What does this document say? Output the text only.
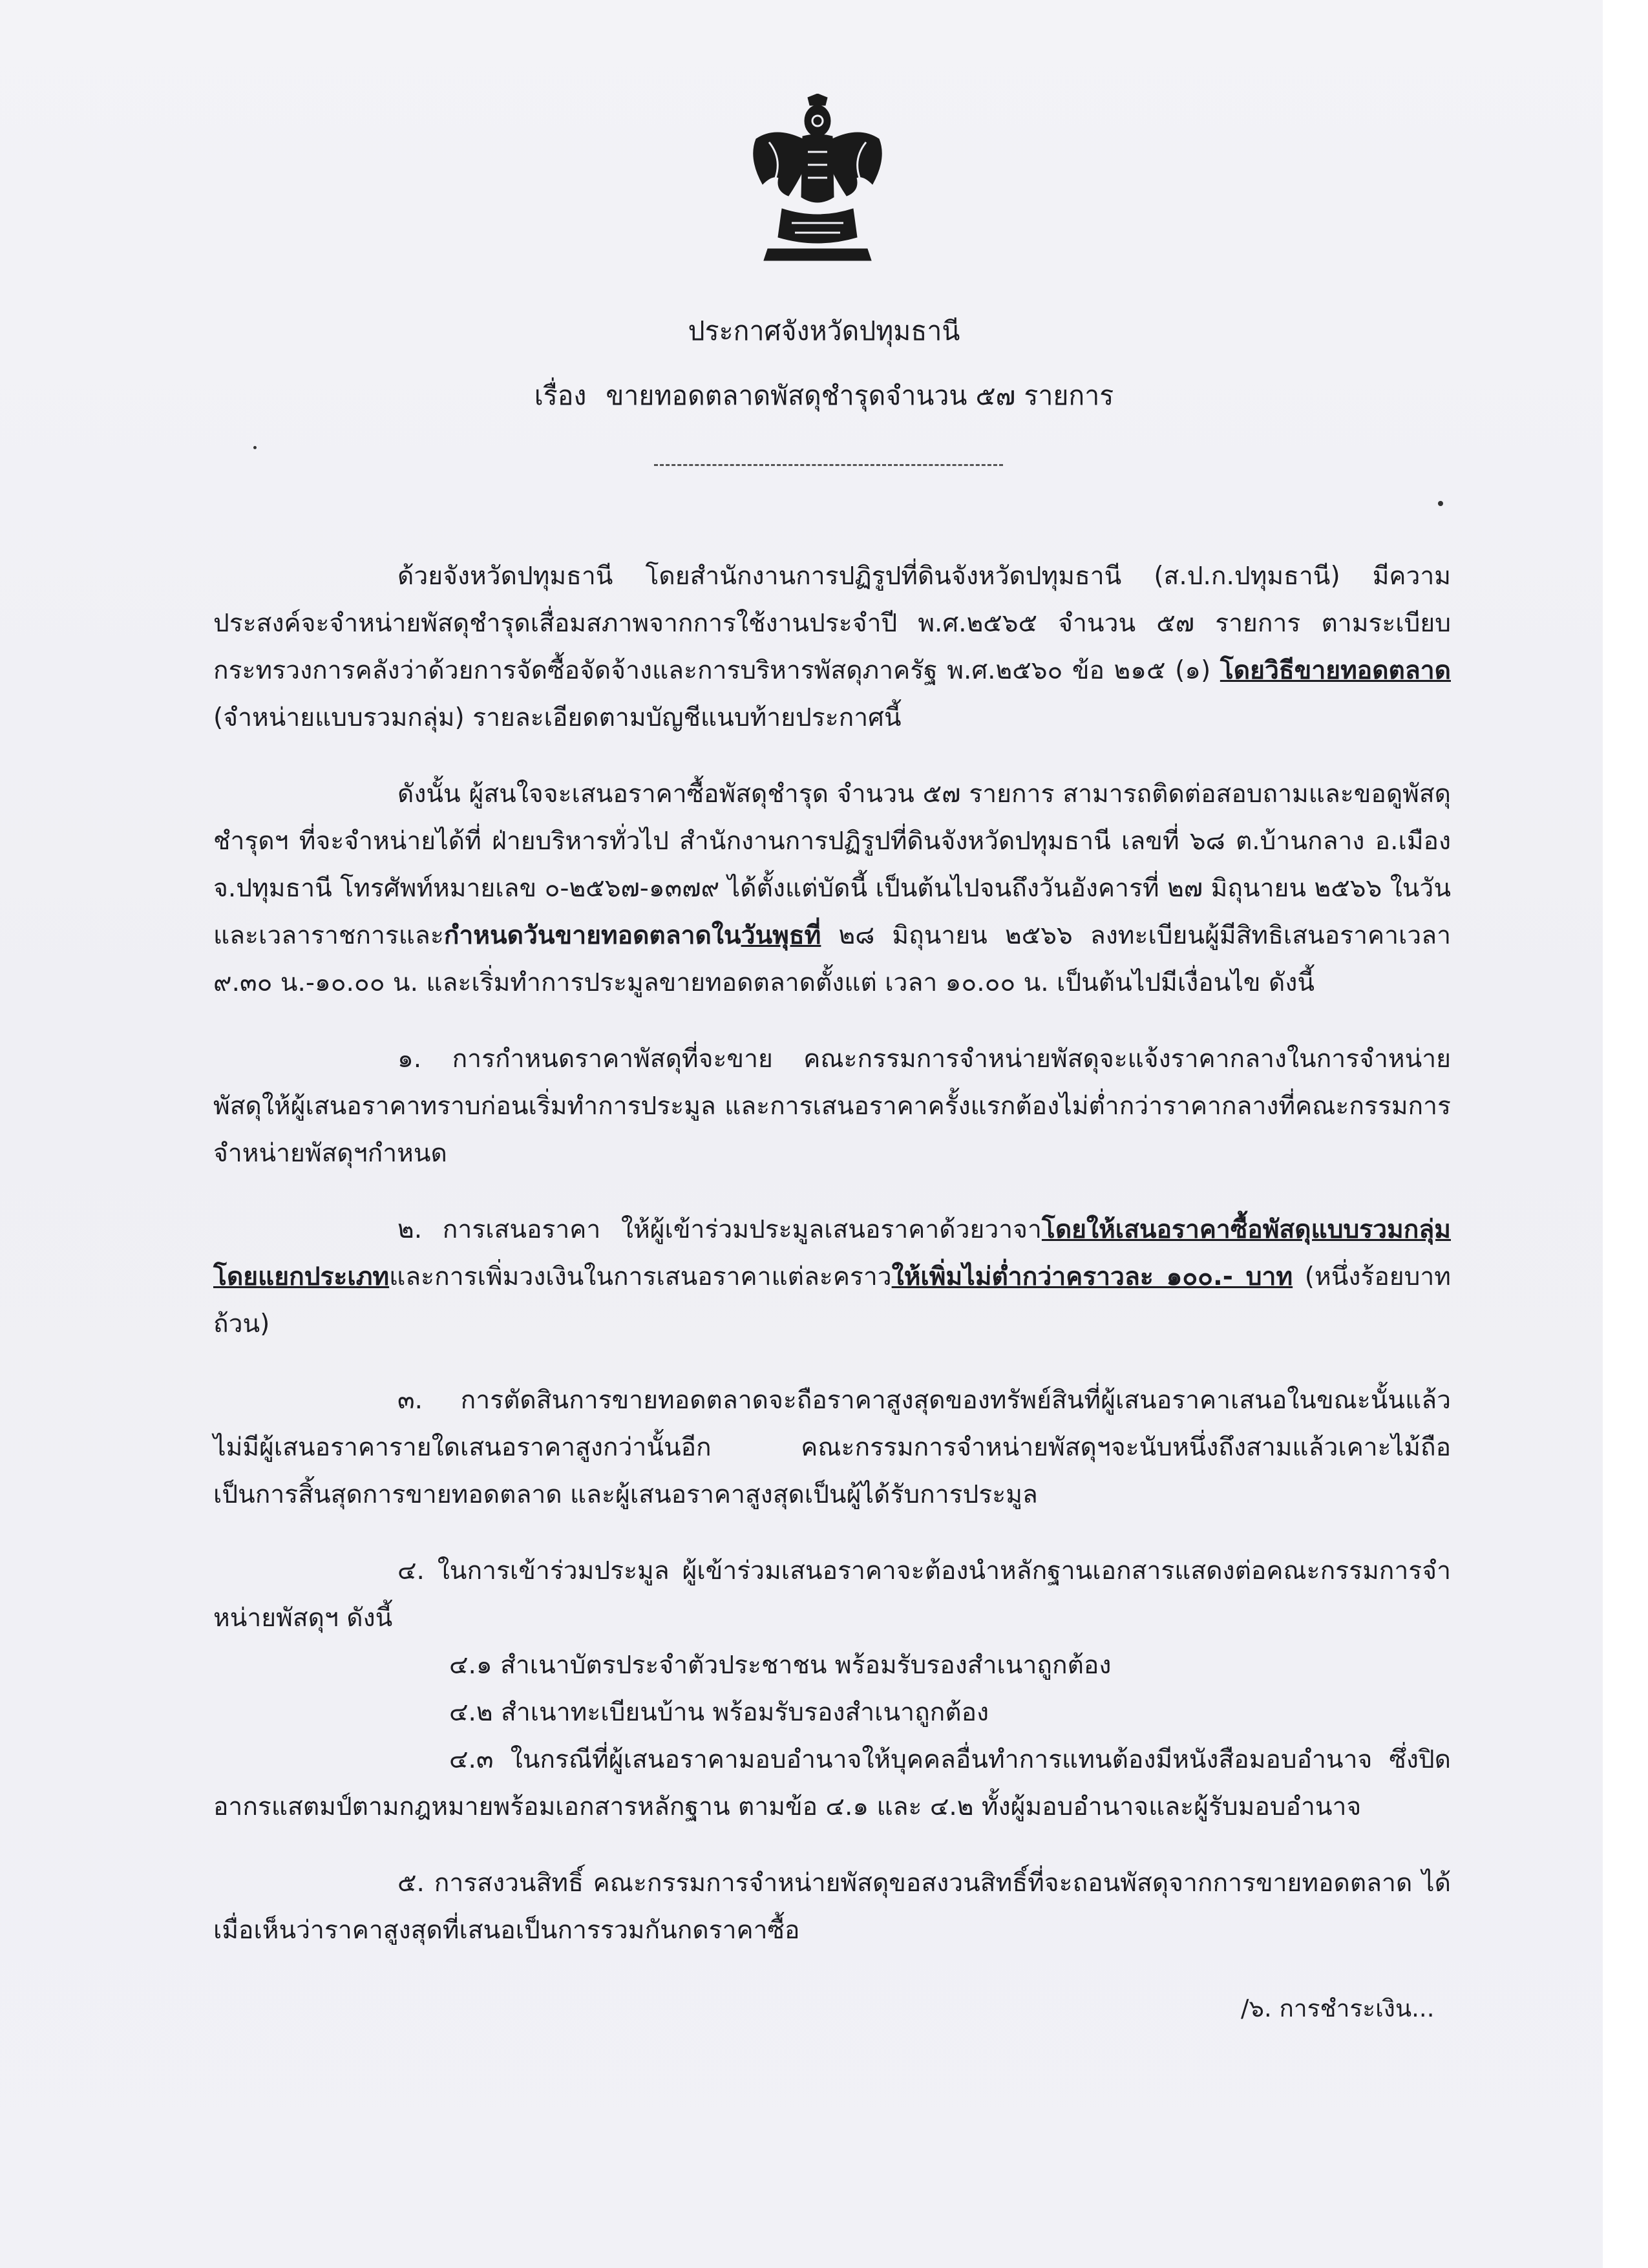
ประกาศจังหวัดปทุมธานี
เรื่อง ขายทอดตลาดพัสดุชำรุดจำนวน ๕๗ รายการ

ด้วยจังหวัดปทุมธานี โดยสำนักงานการปฏิรูปที่ดินจังหวัดปทุมธานี (ส.ป.ก.ปทุมธานี) มีความประสงค์จะจำหน่ายพัสดุชำรุดเสื่อมสภาพจากการใช้งานประจำปี พ.ศ.๒๕๖๕ จำนวน ๕๗ รายการ ตามระเบียบกระทรวงการคลังว่าด้วยการจัดซื้อจัดจ้างและการบริหารพัสดุภาครัฐ พ.ศ.๒๕๖๐ ข้อ ๒๑๕ (๑) โดยวิธีขายทอดตลาด (จำหน่ายแบบรวมกลุ่ม) รายละเอียดตามบัญชีแนบท้ายประกาศนี้

ดังนั้น ผู้สนใจจะเสนอราคาซื้อพัสดุชำรุด จำนวน ๕๗ รายการ สามารถติดต่อสอบถามและขอดูพัสดุชำรุดฯ ที่จะจำหน่ายได้ที่ ฝ่ายบริหารทั่วไป สำนักงานการปฏิรูปที่ดินจังหวัดปทุมธานี เลขที่ ๖๘ ต.บ้านกลาง อ.เมือง จ.ปทุมธานี โทรศัพท์หมายเลข ๐-๒๕๖๗-๑๓๗๙ ได้ตั้งแต่บัดนี้ เป็นต้นไปจนถึงวันอังคารที่ ๒๗ มิถุนายน ๒๕๖๖ ในวันและเวลาราชการและกำหนดวันขายทอดตลาดในวันพุธที่ ๒๘ มิถุนายน ๒๕๖๖ ลงทะเบียนผู้มีสิทธิเสนอราคาเวลา ๙.๓๐ น.-๑๐.๐๐ น. และเริ่มทำการประมูลขายทอดตลาดตั้งแต่ เวลา ๑๐.๐๐ น. เป็นต้นไปมีเงื่อนไข ดังนี้

๑. การกำหนดราคาพัสดุที่จะขาย คณะกรรมการจำหน่ายพัสดุจะแจ้งราคากลางในการจำหน่ายพัสดุให้ผู้เสนอราคาทราบก่อนเริ่มทำการประมูล และการเสนอราคาครั้งแรกต้องไม่ต่ำกว่าราคากลางที่คณะกรรมการจำหน่ายพัสดุฯกำหนด

๒. การเสนอราคา ให้ผู้เข้าร่วมประมูลเสนอราคาด้วยวาจาโดยให้เสนอราคาซื้อพัสดุแบบรวมกลุ่ม โดยแยกประเภทและการเพิ่มวงเงินในการเสนอราคาแต่ละคราวให้เพิ่มไม่ต่ำกว่าคราวละ ๑๐๐.- บาท (หนึ่งร้อยบาทถ้วน)

๓. การตัดสินการขายทอดตลาดจะถือราคาสูงสุดของทรัพย์สินที่ผู้เสนอราคาเสนอในขณะนั้นแล้ว ไม่มีผู้เสนอราคารายใดเสนอราคาสูงกว่านั้นอีก คณะกรรมการจำหน่ายพัสดุฯจะนับหนึ่งถึงสามแล้วเคาะไม้ถือเป็นการสิ้นสุดการขายทอดตลาด และผู้เสนอราคาสูงสุดเป็นผู้ได้รับการประมูล

๔. ในการเข้าร่วมประมูล ผู้เข้าร่วมเสนอราคาจะต้องนำหลักฐานเอกสารแสดงต่อคณะกรรมการจำหน่ายพัสดุฯ ดังนี้

๔.๑ สำเนาบัตรประจำตัวประชาชน พร้อมรับรองสำเนาถูกต้อง

๔.๒ สำเนาทะเบียนบ้าน พร้อมรับรองสำเนาถูกต้อง

๔.๓ ในกรณีที่ผู้เสนอราคามอบอำนาจให้บุคคลอื่นทำการแทนต้องมีหนังสือมอบอำนาจ ซึ่งปิดอากรแสตมป์ตามกฎหมายพร้อมเอกสารหลักฐาน ตามข้อ ๔.๑ และ ๔.๒ ทั้งผู้มอบอำนาจและผู้รับมอบอำนาจ

๕. การสงวนสิทธิ์ คณะกรรมการจำหน่ายพัสดุขอสงวนสิทธิ์ที่จะถอนพัสดุจากการขายทอดตลาด ได้เมื่อเห็นว่าราคาสูงสุดที่เสนอเป็นการรวมกันกดราคาซื้อ

/๖. การชำระเงิน...
